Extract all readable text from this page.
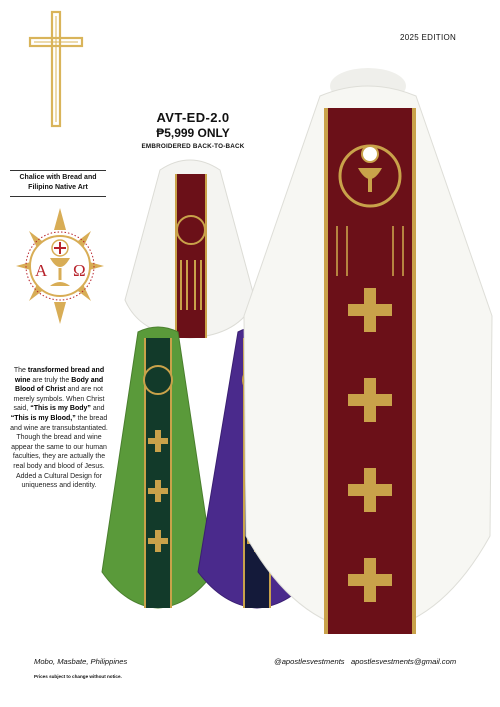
2025 EDITION
AVT-ED-2.0
₱5,999 ONLY
EMBROIDERED BACK-TO-BACK
Chalice with Bread and
Filipino Native Art
A Ω
The transformed bread and wine are truly the Body and Blood of Christ and are not merely symbols. When Christ said, “This is my Body” and “This is my Blood,” the bread and wine are transubstantiated. Though the bread and wine appear the same to our human faculties, they are actually the real body and blood of Jesus. Added a Cultural Design for uniqueness and identity.
Mobo, Masbate, Philippines
Prices subject to change without notice.
@apostlesvestments apostlesvestments@gmail.com
